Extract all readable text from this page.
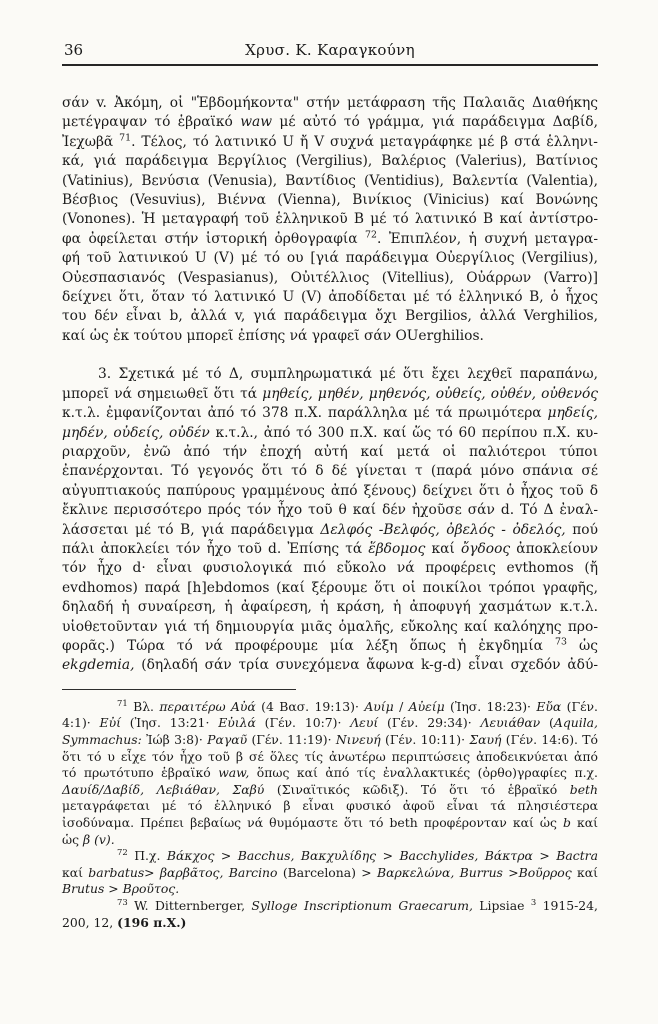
36	Χρυσ. Κ. Καραγκούνη
σάν v. Ἀκόμη, οἱ "Ἑβδομήκοντα" στήν μετάφραση τῆς Παλαιᾶς Διαθήκης
μετέγραψαν τό ἑβραϊκό waw μέ αὐτό τό γράμμα, γιά παράδειγμα Δαβίδ,
Ἰεχωβᾶ $^{71}$. Τέλος, τό λατινικό U ἤ V συχνά μεταγράφηκε μέ β στά ἑλληνι-
κά, γιά παράδειγμα Βεργίλιος (Vergilius), Βαλέριος (Valerius), Βατίνιος
(Vatinius), Βενύσια (Venusia), Βαντίδιος (Ventidius), Βαλεντία (Valentia),
Βέσβιος (Vesuvius), Βιέννα (Vienna), Βινίκιος (Vinicius) καί Βονώνης
(Vonones). Ἡ μεταγραφή τοῦ ἑλληνικοῦ Β μέ τό λατινικό Β καί ἀντίστρο-
φα ὀφείλεται στήν ἱστορική ὀρθογραφία $^{72}$. Ἐπιπλέον, ἡ συχνή μεταγρα-
φή τοῦ λατινικού U (V) μέ τό ου [γιά παράδειγμα Οὐεργίλιος (Vergilius),
Οὐεσπασιανός (Vespasianus), Οὐιτέλλιος (Vitellius), Οὐάρρων (Varro)]
δείχνει ὅτι, ὅταν τό λατινικό U (V) ἀποδίδεται μέ τό ἑλληνικό Β, ὁ ἦχος
του δέν εἶναι b, ἀλλά v, γιά παράδειγμα ὄχι Bergilios, ἀλλά Verghilios,
καί ὡς ἐκ τούτου μπορεῖ ἐπίσης νά γραφεῖ σάν OUerghilios.
3. Σχετικά μέ τό Δ, συμπληρωματικά μέ ὅτι ἔχει λεχθεῖ παραπάνω,
μπορεῖ νά σημειωθεῖ ὅτι τά μηθείς, μηθέν, μηθενός, οὐθείς, οὐθέν, οὐθενός
κ.τ.λ. ἐμφανίζονται ἀπό τό 378 π.Χ. παράλληλα μέ τά πρωιμότερα μηδείς,
μηδέν, οὐδείς, οὐδέν κ.τ.λ., ἀπό τό 300 π.Χ. καί ὥς τό 60 περίπου π.Χ. κυ-
ριαρχοῦν, ἐνῶ ἀπό τήν ἐποχή αὐτή καί μετά οἱ παλιότεροι τύποι
ἐπανέρχονται. Τό γεγονός ὅτι τό δ δέ γίνεται τ (παρά μόνο σπάνια σέ
αὐγυπτιακούς παπύρους γραμμένους ἀπό ξένους) δείχνει ὅτι ὁ ἦχος τοῦ δ
ἔκλινε περισσότερο πρός τόν ἦχο τοῦ θ καί δέν ἠχοῦσε σάν d. Τό Δ ἐναλ-
λάσσεται μέ τό Β, γιά παράδειγμα Δελφός -Βελφός, ὀβελός - ὀδελός, πού
πάλι ἀποκλείει τόν ἦχο τοῦ d. Ἐπίσης τά ἕβδομος καί ὄγδοος ἀποκλείουν
τόν ἦχο d· εἶναι φυσιολογικά πιό εὔκολο νά προφέρεις evthomos (ἤ
evdhomos) παρά [h]ebdomos (καί ξέρουμε ὅτι οἱ ποικίλοι τρόποι γραφῆς,
δηλαδή ἡ συναίρεση, ἡ ἀφαίρεση, ἡ κράση, ἡ ἀποφυγή χασμάτων κ.τ.λ.
υἱοθετοῦνταν γιά τή δημιουργία μιᾶς ὁμαλῆς, εὔκολης καί καλόηχης προ-
φορᾶς.) Τώρα τό νά προφέρουμε μία λέξη ὅπως ἡ ἐκγδημία $^{73}$ ὡς
ekgdemia, (δηλαδή σάν τρία συνεχόμενα ἄφωνα k-g-d) εἶναι σχεδόν ἀδύ-
$^{71}$ Βλ. περαιτέρω Αὐά (4 Βασ. 19:13)· Αυίμ / Αὐείμ (Ἰησ. 18:23)· Εὔα (Γέν.
4:1)· Εὐί (Ἰησ. 13:21· Εὐιλά (Γέν. 10:7)· Λευί (Γέν. 29:34)· Λευιάθαν (Aquila,
Symmachus: Ἰώβ 3:8)· Ραγαῦ (Γέν. 11:19)· Νινευή (Γέν. 10:11)· Σαυή (Γέν. 14:6). Τό
ὅτι τό υ εἶχε τόν ἦχο τοῦ β σέ ὅλες τίς ἀνωτέρω περιπτώσεις ἀποδεικνύεται ἀπό
τό πρωτότυπο ἑβραϊκό waw, ὅπως καί ἀπό τίς ἐναλλακτικές (ὀρθο)γραφίες π.χ.
Δαυίδ/Δαβίδ, Λεβιάθαν, Σαβύ (Σιναϊτικός κῶδιξ). Τό ὅτι τό ἑβραϊκό beth
μεταγράφεται μέ τό ἑλληνικό β εἶναι φυσικό ἀφοῦ εἶναι τά πλησιέστερα
ἰσοδύναμα. Πρέπει βεβαίως νά θυμόμαστε ὅτι τό beth προφέρονταν καί ὡς b καί
ὡς β (v).
$^{72}$ Π.χ. Βάκχος > Bacchus, Βακχυλίδης > Bacchylides, Βάκτρα > Bactra
καί barbatus> βαρβᾶτος, Barcino (Barcelona) > Βαρκελώνα, Burrus >Βοῦρρος καί
Brutus > Βροῦτος.
$^{73}$ W. Ditternberger, Sylloge Inscriptionum Graecarum, Lipsiae $^3$ 1915-24,
200, 12, (196 π.Χ.)
